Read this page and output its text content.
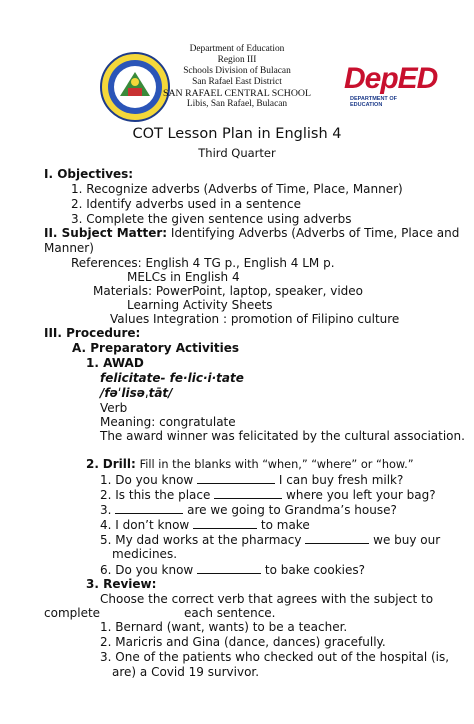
Department of Education
Region III
Schools Division of Bulacan
San Rafael East District
SAN RAFAEL CENTRAL SCHOOL
Libis, San Rafael, Bulacan
DepED
DEPARTMENT OF EDUCATION
COT Lesson Plan in English 4
Third Quarter
I. Objectives:
1. Recognize adverbs (Adverbs of Time, Place, Manner)
2. Identify adverbs used in a sentence
3. Complete the given sentence using adverbs
II. Subject Matter: Identifying Adverbs (Adverbs of Time, Place and
Manner)
References: English 4 TG p., English 4 LM p.
MELCs in English 4
Materials: PowerPoint, laptop, speaker, video
Learning Activity Sheets
Values Integration : promotion of Filipino culture
III. Procedure:
A. Preparatory Activities
1. AWAD
felicitate- fe·lic·i·tate
/fəˈlisəˌtāt/
Verb
Meaning: congratulate
The award winner was felicitated by the cultural association.
2. Drill: Fill in the blanks with “when,” “where” or “how.”
1. Do you know	I can buy fresh milk?
2. Is this the place	where you left your bag?
3.	are we going to Grandma’s house?
4. I don’t know	to make
5. My dad works at the pharmacy	we buy our
medicines.
6. Do you know	to bake cookies?
3. Review:
Choose the correct verb that agrees with the subject to
complete	each sentence.
1. Bernard (want, wants) to be a teacher.
2. Maricris and Gina (dance, dances) gracefully.
3. One of the patients who checked out of the hospital (is,
are) a Covid 19 survivor.
